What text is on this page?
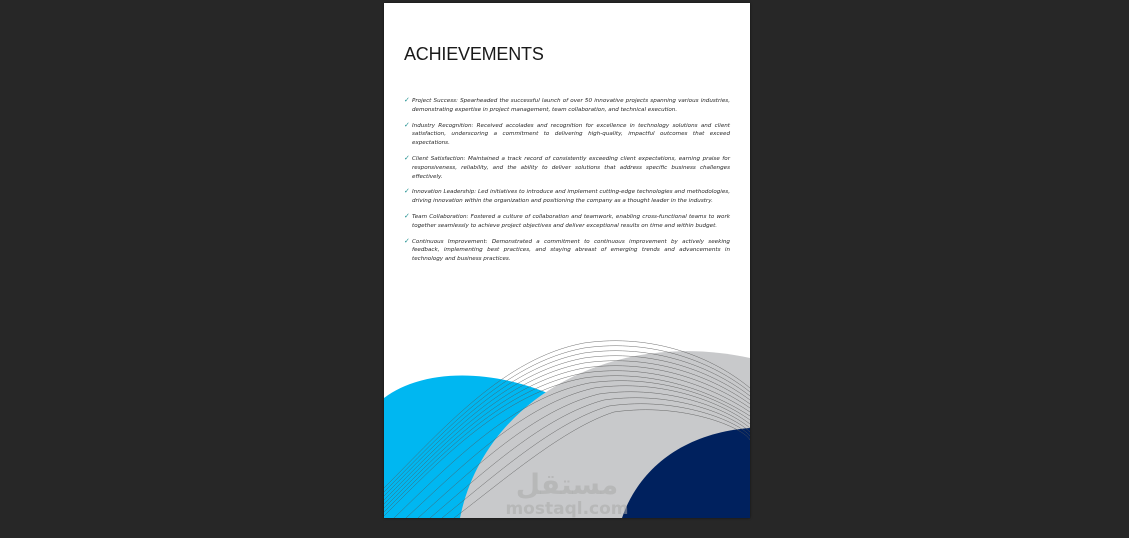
ACHIEVEMENTS
✓ Project Success: Spearheaded the successful launch of over 50 innovative projects spanning various industries, demonstrating expertise in project management, team collaboration, and technical execution.
✓ Industry Recognition: Received accolades and recognition for excellence in technology solutions and client satisfaction, underscoring a commitment to delivering high-quality, impactful outcomes that exceed expectations.
✓ Client Satisfaction: Maintained a track record of consistently exceeding client expectations, earning praise for responsiveness, reliability, and the ability to deliver solutions that address specific business challenges effectively.
✓ Innovation Leadership: Led initiatives to introduce and implement cutting-edge technologies and methodologies, driving innovation within the organization and positioning the company as a thought leader in the industry.
✓ Team Collaboration: Fostered a culture of collaboration and teamwork, enabling cross-functional teams to work together seamlessly to achieve project objectives and deliver exceptional results on time and within budget.
✓ Continuous Improvement: Demonstrated a commitment to continuous improvement by actively seeking feedback, implementing best practices, and staying abreast of emerging trends and advancements in technology and business practices.
مستقل
mostaql.com
